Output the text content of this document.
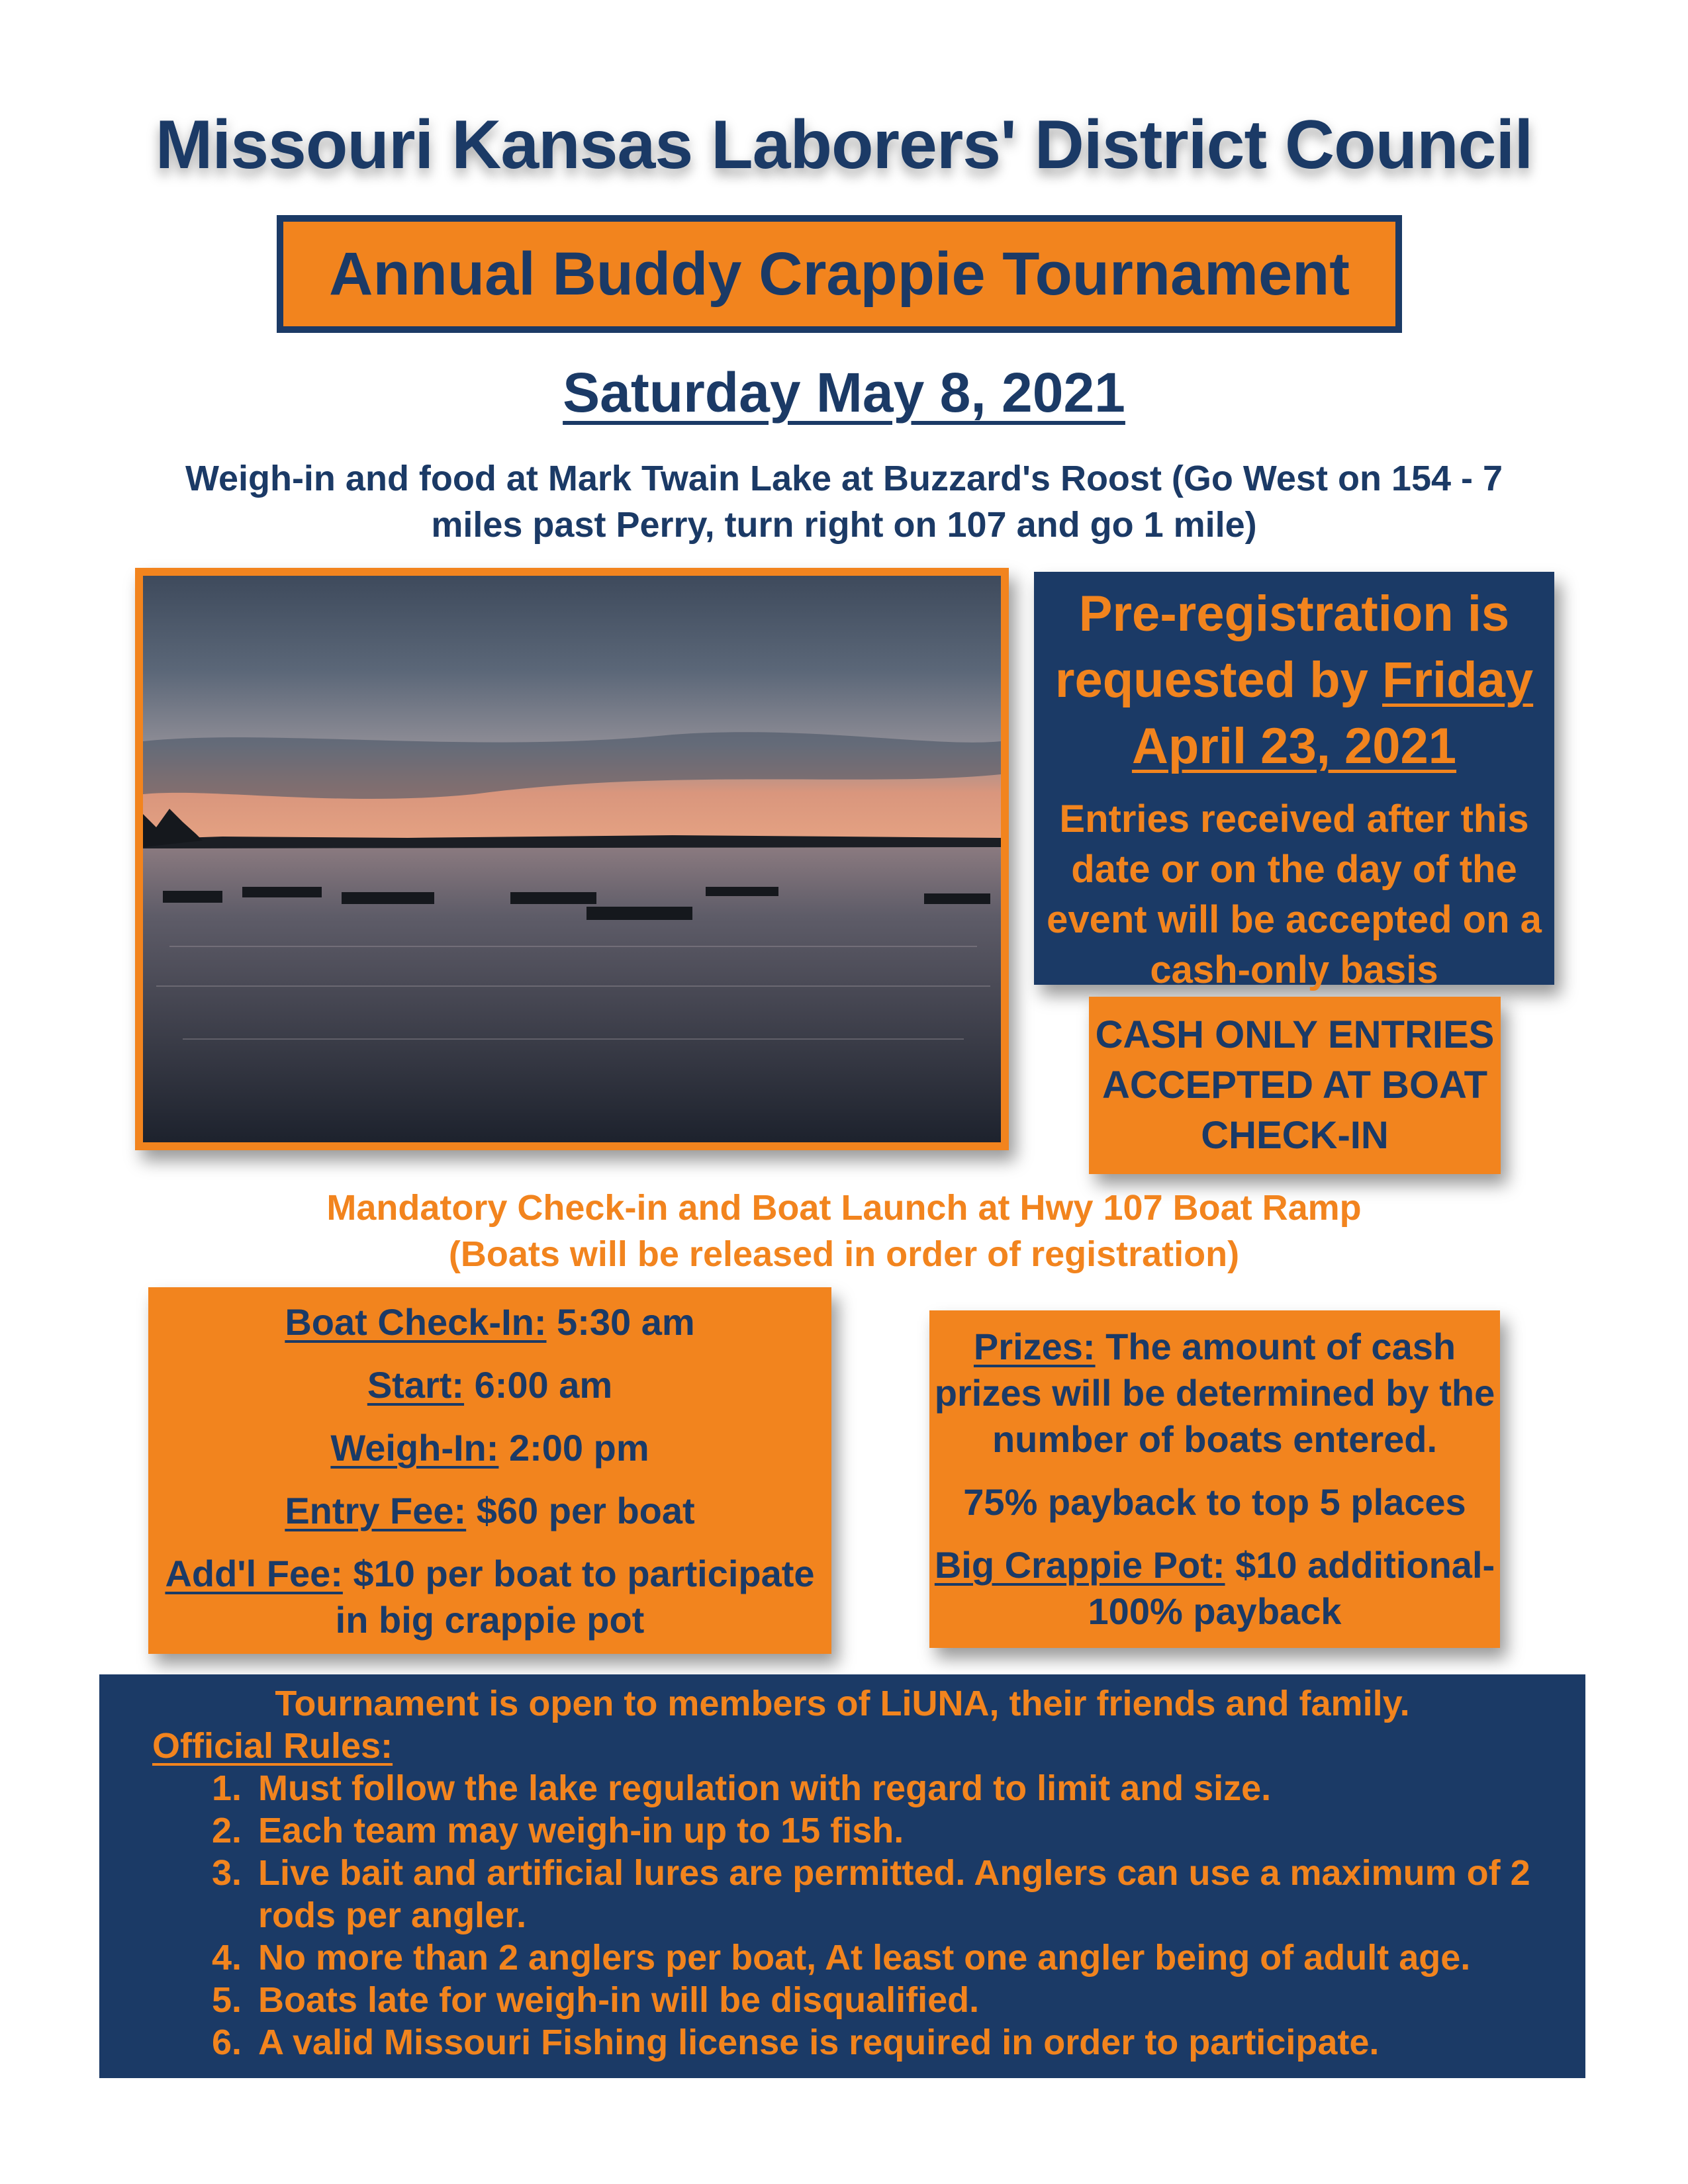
Missouri Kansas Laborers' District Council
Annual Buddy Crappie Tournament
Saturday May 8, 2021
Weigh-in and food at Mark Twain Lake at Buzzard's Roost (Go West on 154 - 7 miles past Perry, turn right on 107 and go 1 mile)
Pre-registration is requested by Friday April 23, 2021
Entries received after this date or on the day of the event will be accepted on a cash-only basis
CASH ONLY ENTRIES ACCEPTED AT BOAT CHECK-IN
Mandatory Check-in and Boat Launch at Hwy 107 Boat Ramp
(Boats will be released in order of registration)
Boat Check-In: 5:30 am
Start: 6:00 am
Weigh-In: 2:00 pm
Entry Fee: $60 per boat
Add'l Fee: $10 per boat to participate in big crappie pot
Prizes: The amount of cash prizes will be determined by the number of boats entered.
75% payback to top 5 places
Big Crappie Pot: $10 additional-100% payback
Tournament is open to members of LiUNA, their friends and family.
Official Rules:
1. Must follow the lake regulation with regard to limit and size.
2. Each team may weigh-in up to 15 fish.
3. Live bait and artificial lures are permitted. Anglers can use a maximum of 2 rods per angler.
4. No more than 2 anglers per boat, At least one angler being of adult age.
5. Boats late for weigh-in will be disqualified.
6. A valid Missouri Fishing license is required in order to participate.
